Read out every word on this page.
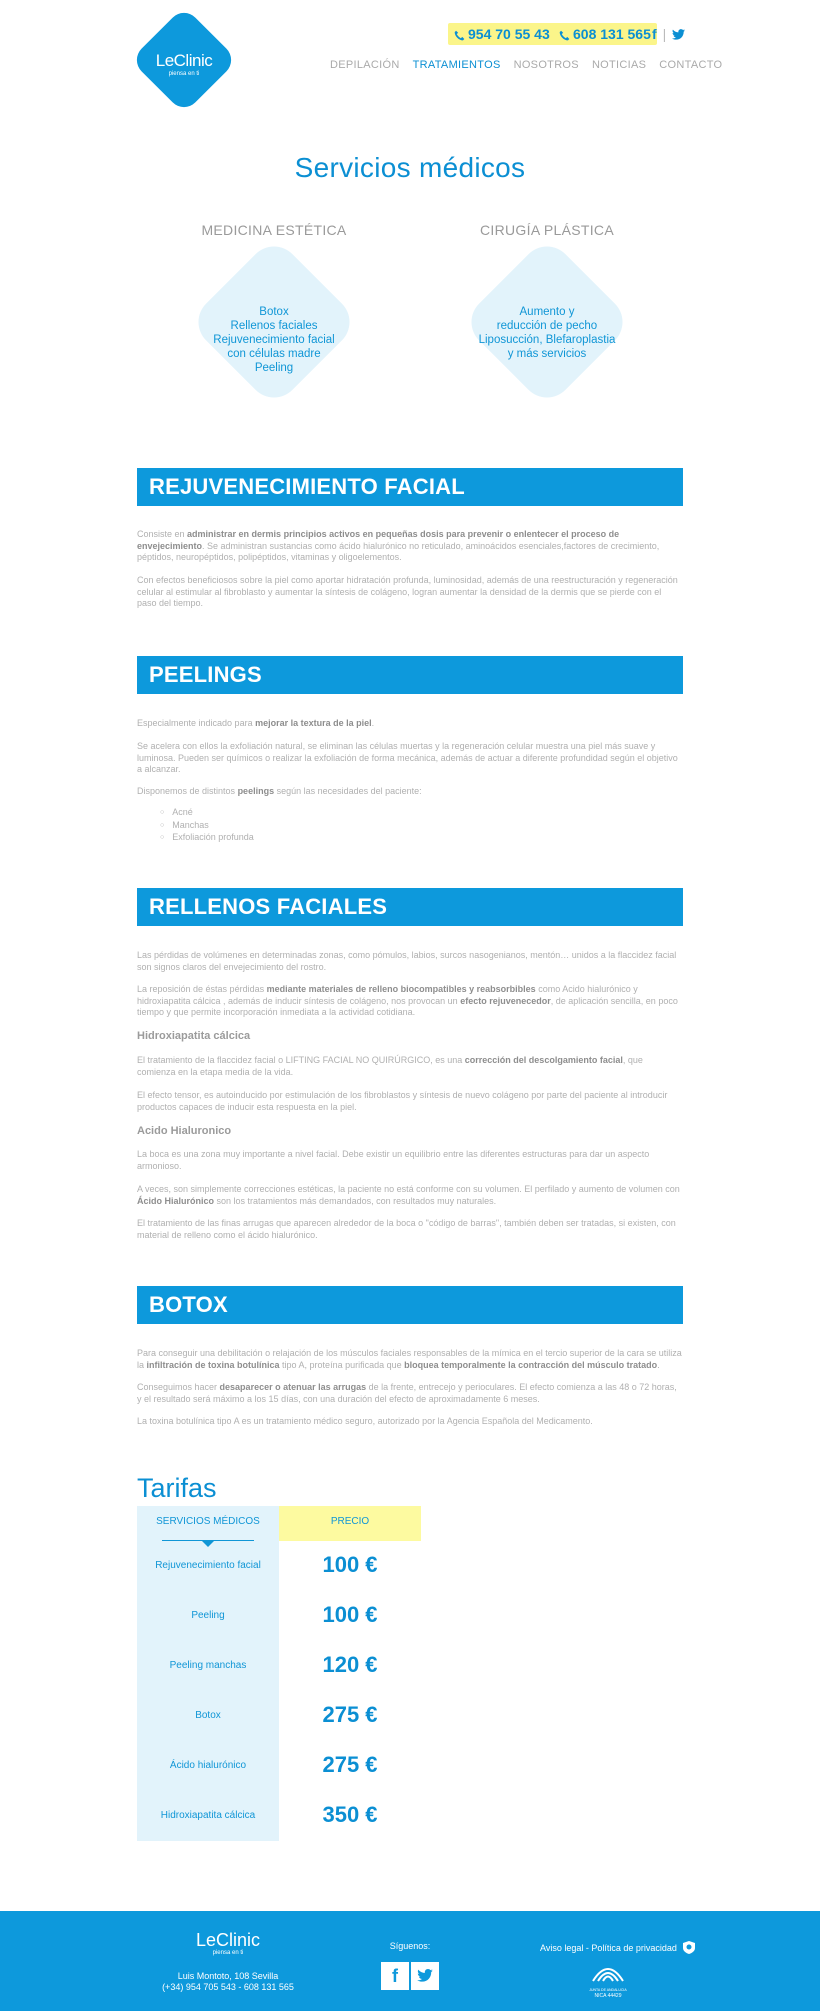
LeClinic
piensa en ti
954 70 55 43	608 131 565 f |
DEPILACIÓN TRATAMIENTOS NOSOTROS NOTICIAS CONTACTO
Servicios médicos
MEDICINA ESTÉTICA	CIRUGÍA PLÁSTICA
Botox
Rellenos faciales
Rejuvenecimiento facial
con células madre
Peeling
Aumento y
reducción de pecho
Liposucción, Blefaroplastia
y más servicios
REJUVENECIMIENTO FACIAL

Consiste en administrar en dermis principios activos en pequeñas dosis para prevenir o enlentecer el proceso de envejecimiento. Se administran sustancias como ácido hialurónico no reticulado, aminoácidos esenciales,factores de crecimiento, péptidos, neuropéptidos, polipéptidos, vitaminas y oligoelementos.

Con efectos beneficiosos sobre la piel como aportar hidratación profunda, luminosidad, además de una reestructuración y regeneración celular al estimular al fibroblasto y aumentar la síntesis de colágeno, logran aumentar la densidad de la dermis que se pierde con el paso del tiempo.

PEELINGS

Especialmente indicado para mejorar la textura de la piel.

Se acelera con ellos la exfoliación natural, se eliminan las células muertas y la regeneración celular muestra una piel más suave y luminosa. Pueden ser químicos o realizar la exfoliación de forma mecánica, además de actuar a diferente profundidad según el objetivo a alcanzar.

Disponemos de distintos peelings según las necesidades del paciente:

○ Acné
○ Manchas
○ Exfoliación profunda
RELLENOS FACIALES

Las pérdidas de volúmenes en determinadas zonas, como pómulos, labios, surcos nasogenianos, mentón… unidos a la flaccidez facial son signos claros del envejecimiento del rostro.

La reposición de éstas pérdidas mediante materiales de relleno biocompatibles y reabsorbibles como Acido hialurónico y hidroxiapatita cálcica , además de inducir síntesis de colágeno, nos provocan un efecto rejuvenecedor, de aplicación sencilla, en poco tiempo y que permite incorporación inmediata a la actividad cotidiana.

Hidroxiapatita cálcica

El tratamiento de la flaccidez facial o LIFTING FACIAL NO QUIRÚRGICO, es una corrección del descolgamiento facial, que comienza en la etapa media de la vida.

El efecto tensor, es autoinducido por estimulación de los fibroblastos y síntesis de nuevo colágeno por parte del paciente al introducir productos capaces de inducir esta respuesta en la piel.

Acido Hialuronico

La boca es una zona muy importante a nivel facial. Debe existir un equilibrio entre las diferentes estructuras para dar un aspecto armonioso.

A veces, son simplemente correcciones estéticas, la paciente no está conforme con su volumen. El perfilado y aumento de volumen con Ácido Hialurónico son los tratamientos más demandados, con resultados muy naturales.

El tratamiento de las finas arrugas que aparecen alrededor de la boca o "código de barras", también deben ser tratadas, si existen, con material de relleno como el ácido hialurónico.

BOTOX

Para conseguir una debilitación o relajación de los músculos faciales responsables de la mímica en el tercio superior de la cara se utiliza la infiltración de toxina botulínica tipo A, proteína purificada que bloquea temporalmente la contracción del músculo tratado.

Conseguimos hacer desaparecer o atenuar las arrugas de la frente, entrecejo y perioculares. El efecto comienza a las 48 o 72 horas, y el resultado será máximo a los 15 días, con una duración del efecto de aproximadamente 6 meses.

La toxina botulínica tipo A es un tratamiento médico seguro, autorizado por la Agencia Española del Medicamento.

Tarifas
SERVICIOS MÉDICOS	PRECIO
Rejuvenecimiento facial	100 €
Peeling	100 €
Peeling manchas	120 €
Botox	275 €
Ácido hialurónico	275 €
Hidroxiapatita cálcica	350 €
LeClinic
piensa en ti
Luis Montoto, 108 Sevilla
(+34) 954 705 543 - 608 131 565
Síguenos:
f
Aviso legal - Política de privacidad
JUNTA DE ANDALUCIA
NICA 44429
